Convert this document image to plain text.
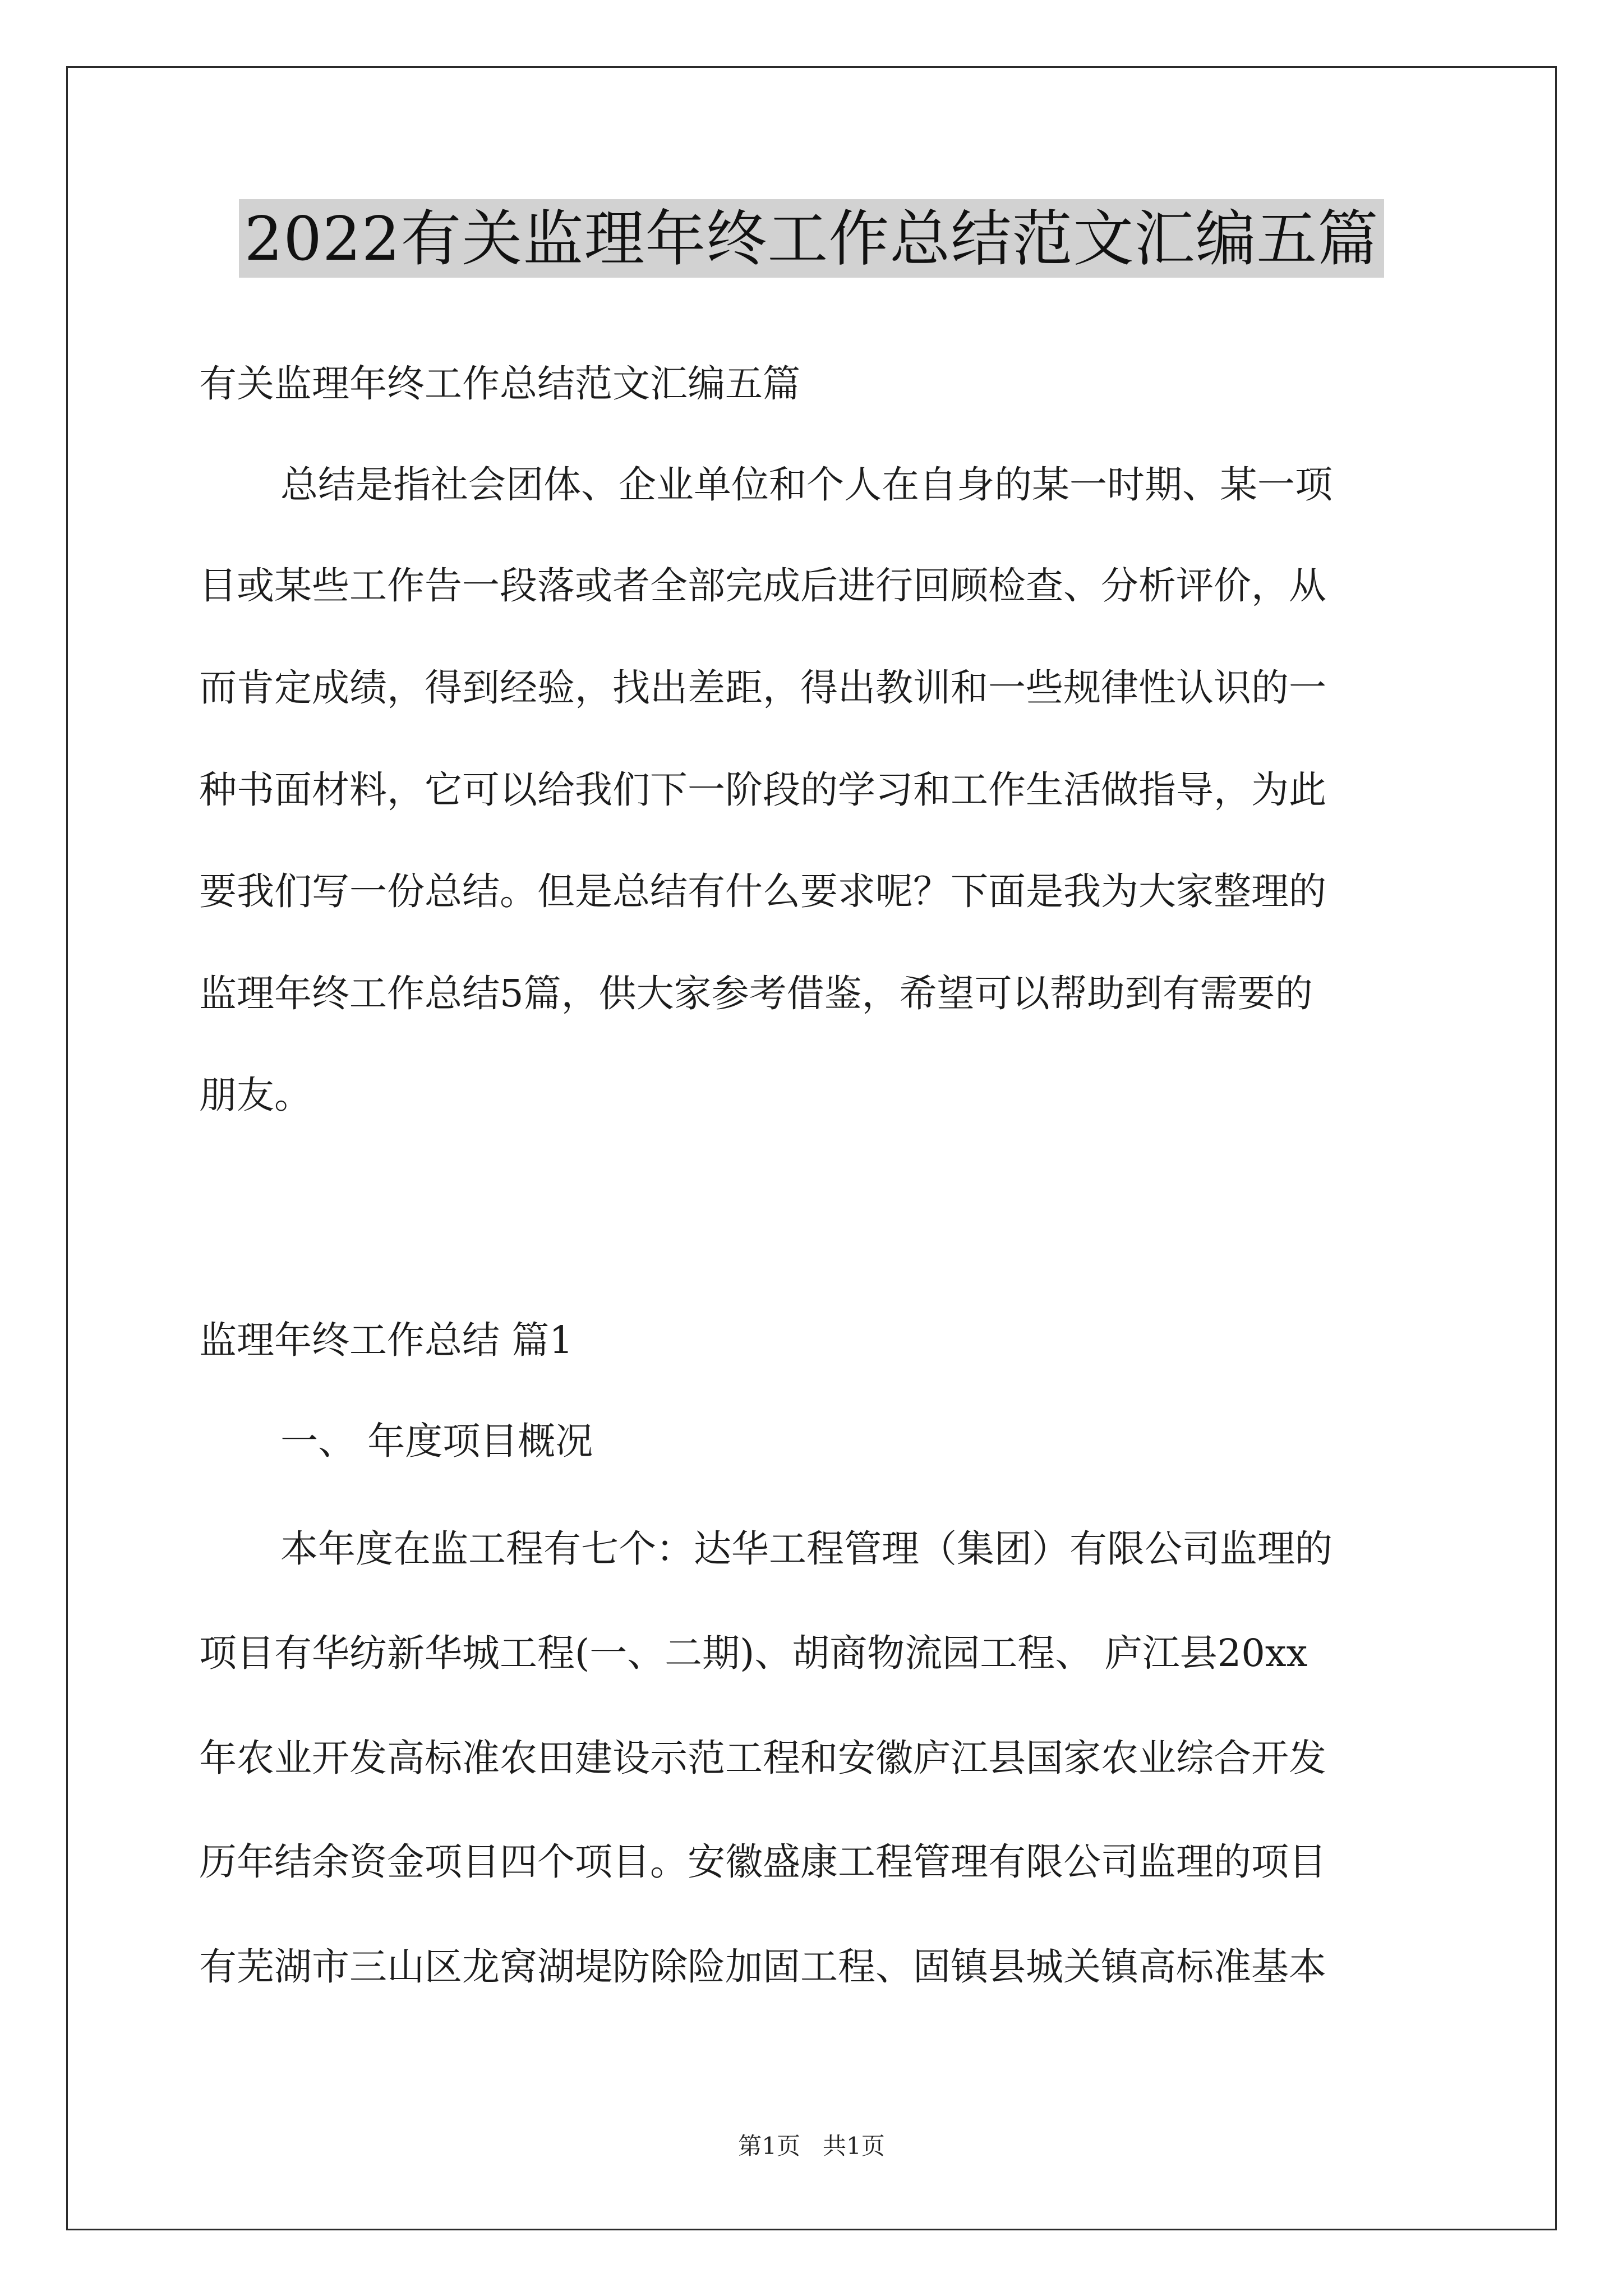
2022有关监理年终工作总结范文汇编五篇
有关监理年终工作总结范文汇编五篇
总结是指社会团体、企业单位和个人在自身的某一时期、某一项
目或某些工作告一段落或者全部完成后进行回顾检查、分析评价，从
而肯定成绩，得到经验，找出差距，得出教训和一些规律性认识的一
种书面材料，它可以给我们下一阶段的学习和工作生活做指导，为此
要我们写一份总结。但是总结有什么要求呢？下面是我为大家整理的
监理年终工作总结5篇，供大家参考借鉴，希望可以帮助到有需要的
朋友。
监理年终工作总结 篇1
一、 年度项目概况
本年度在监工程有七个：达华工程管理（集团）有限公司监理的
项目有华纺新华城工程(一、二期)、胡商物流园工程、 庐江县20xx
年农业开发高标准农田建设示范工程和安徽庐江县国家农业综合开发
历年结余资金项目四个项目。安徽盛康工程管理有限公司监理的项目
有芜湖市三山区龙窝湖堤防除险加固工程、固镇县城关镇高标准基本
第1页   共1页
